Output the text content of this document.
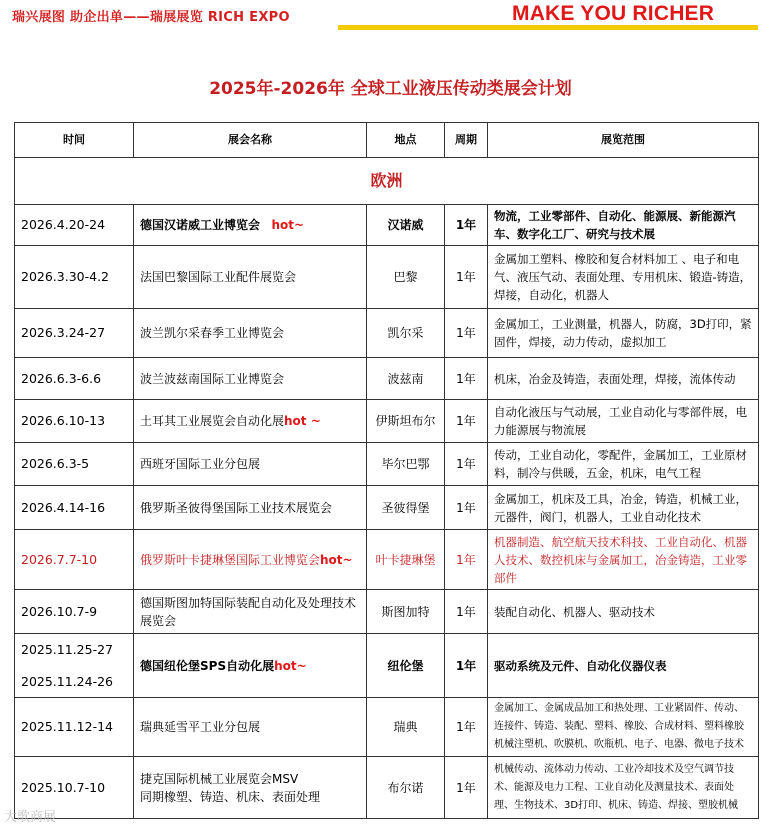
瑞兴展图 助企出单——瑞展展览 RICH EXPO	MAKE YOU RICHER
2025年-2026年 全球工业液压传动类展会计划
时间	展会名称	地点	周期	展览范围
欧洲				
2026.4.20-24	德国汉诺威工业博览会 hot~	汉诺威	1年	物流，工业零部件、自动化、能源展、新能源汽车、数字化工厂、研究与技术展
2026.3.30-4.2	法国巴黎国际工业配件展览会	巴黎	1年	金属加工塑料、橡胶和复合材料加工 、电子和电气、液压气动、表面处理、专用机床、锻造-铸造，焊接，自动化，机器人
2026.3.24-27	波兰凯尔采春季工业博览会	凯尔采	1年	金属加工，工业测量，机器人，防腐，3D打印，紧固件，焊接，动力传动，虚拟加工
2026.6.3-6.6	波兰波兹南国际工业博览会	波兹南	1年	机床，冶金及铸造，表面处理，焊接，流体传动
2026.6.10-13	土耳其工业展览会自动化展hot ~	伊斯坦布尔	1年	自动化液压与气动展，工业自动化与零部件展，电力能源展与物流展
2026.6.3-5	西班牙国际工业分包展	毕尔巴鄂	1年	传动，工业自动化，零配件，金属加工，工业原材料，制冷与供暖，五金，机床，电气工程
2026.4.14-16	俄罗斯圣彼得堡国际工业技术展览会	圣彼得堡	1年	金属加工，机床及工具，冶金，铸造，机械工业，元器件，阀门，机器人，工业自动化技术
2026.7.7-10	俄罗斯叶卡捷琳堡国际工业博览会hot~	叶卡捷琳堡	1年	机器制造、航空航天技术科技、工业自动化、机器人技术、数控机床与金属加工，冶金铸造，工业零部件
2026.10.7-9	德国斯图加特国际装配自动化及处理技术展览会	斯图加特	1年	装配自动化、机器人、驱动技术

2025.11.25-27
2025.11.24-26	德国纽伦堡SPS自动化展hot~	纽伦堡	1年	驱动系统及元件、自动化仪器仪表
2025.11.12-14	瑞典延雪平工业分包展	瑞典	1年	金属加工、金属成品加工和热处理、工业紧固件、传动、连接件、铸造、装配、塑料、橡胶、合成材料、塑料橡胶机械注塑机、吹膜机、吹瓶机、电子、电器、微电子技术
2025.10.7-10	捷克国际机械工业展览会MSV
同期橡塑、铸造、机床、表面处理	布尔诺	1年	机械传动、流体动力传动、工业冷却技术及空气调节技术、能源及电力工程、工业自动化及测量技术、表面处理、生物技术、3D打印、机床、铸造、焊接、塑胶机械
大歌商展
